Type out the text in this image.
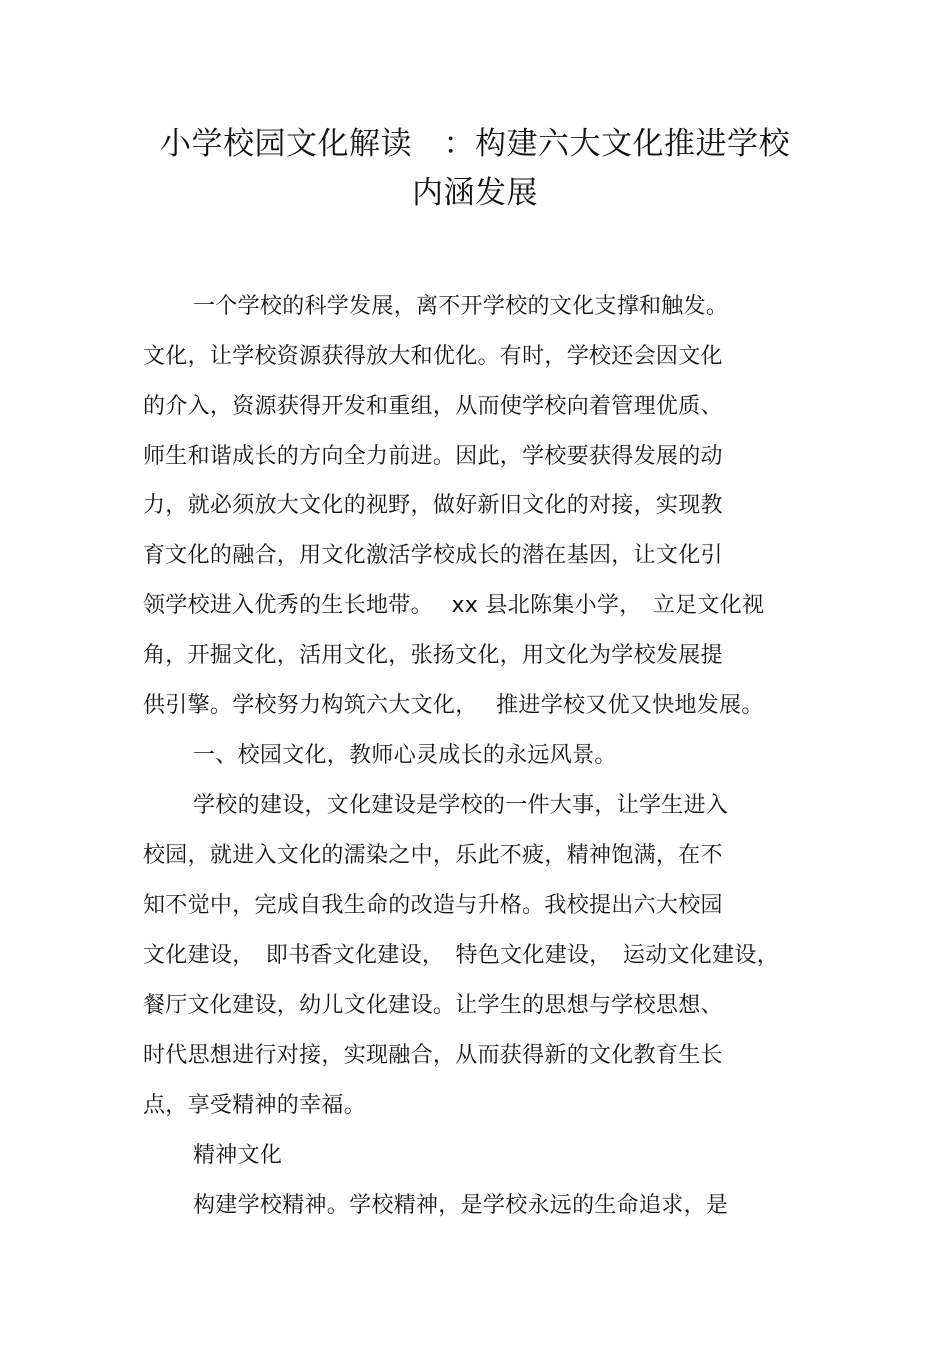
小学校园文化解读　：构建六大文化推进学校
内涵发展
一个学校的科学发展，离不开学校的文化支撑和触发。
文化，让学校资源获得放大和优化。有时，学校还会因文化
的介入，资源获得开发和重组，从而使学校向着管理优质、
师生和谐成长的方向全力前进。因此，学校要获得发展的动
力，就必须放大文化的视野，做好新旧文化的对接，实现教
育文化的融合，用文化激活学校成长的潜在基因，让文化引
领学校进入优秀的生长地带。　 xx 县北陈集小学，　立足文化视
角，开掘文化，活用文化，张扬文化，用文化为学校发展提
供引擎。学校努力构筑六大文化，　 推进学校又优又快地发展。
一、校园文化，教师心灵成长的永远风景。
学校的建设，文化建设是学校的一件大事，让学生进入
校园，就进入文化的濡染之中，乐此不疲，精神饱满，在不
知不觉中，完成自我生命的改造与升格。我校提出六大校园
文化建设，　即书香文化建设，　特色文化建设，　运动文化建设，
餐厅文化建设，幼儿文化建设。让学生的思想与学校思想、
时代思想进行对接，实现融合，从而获得新的文化教育生长
点，享受精神的幸福。
精神文化
构建学校精神。学校精神，是学校永远的生命追求，是
